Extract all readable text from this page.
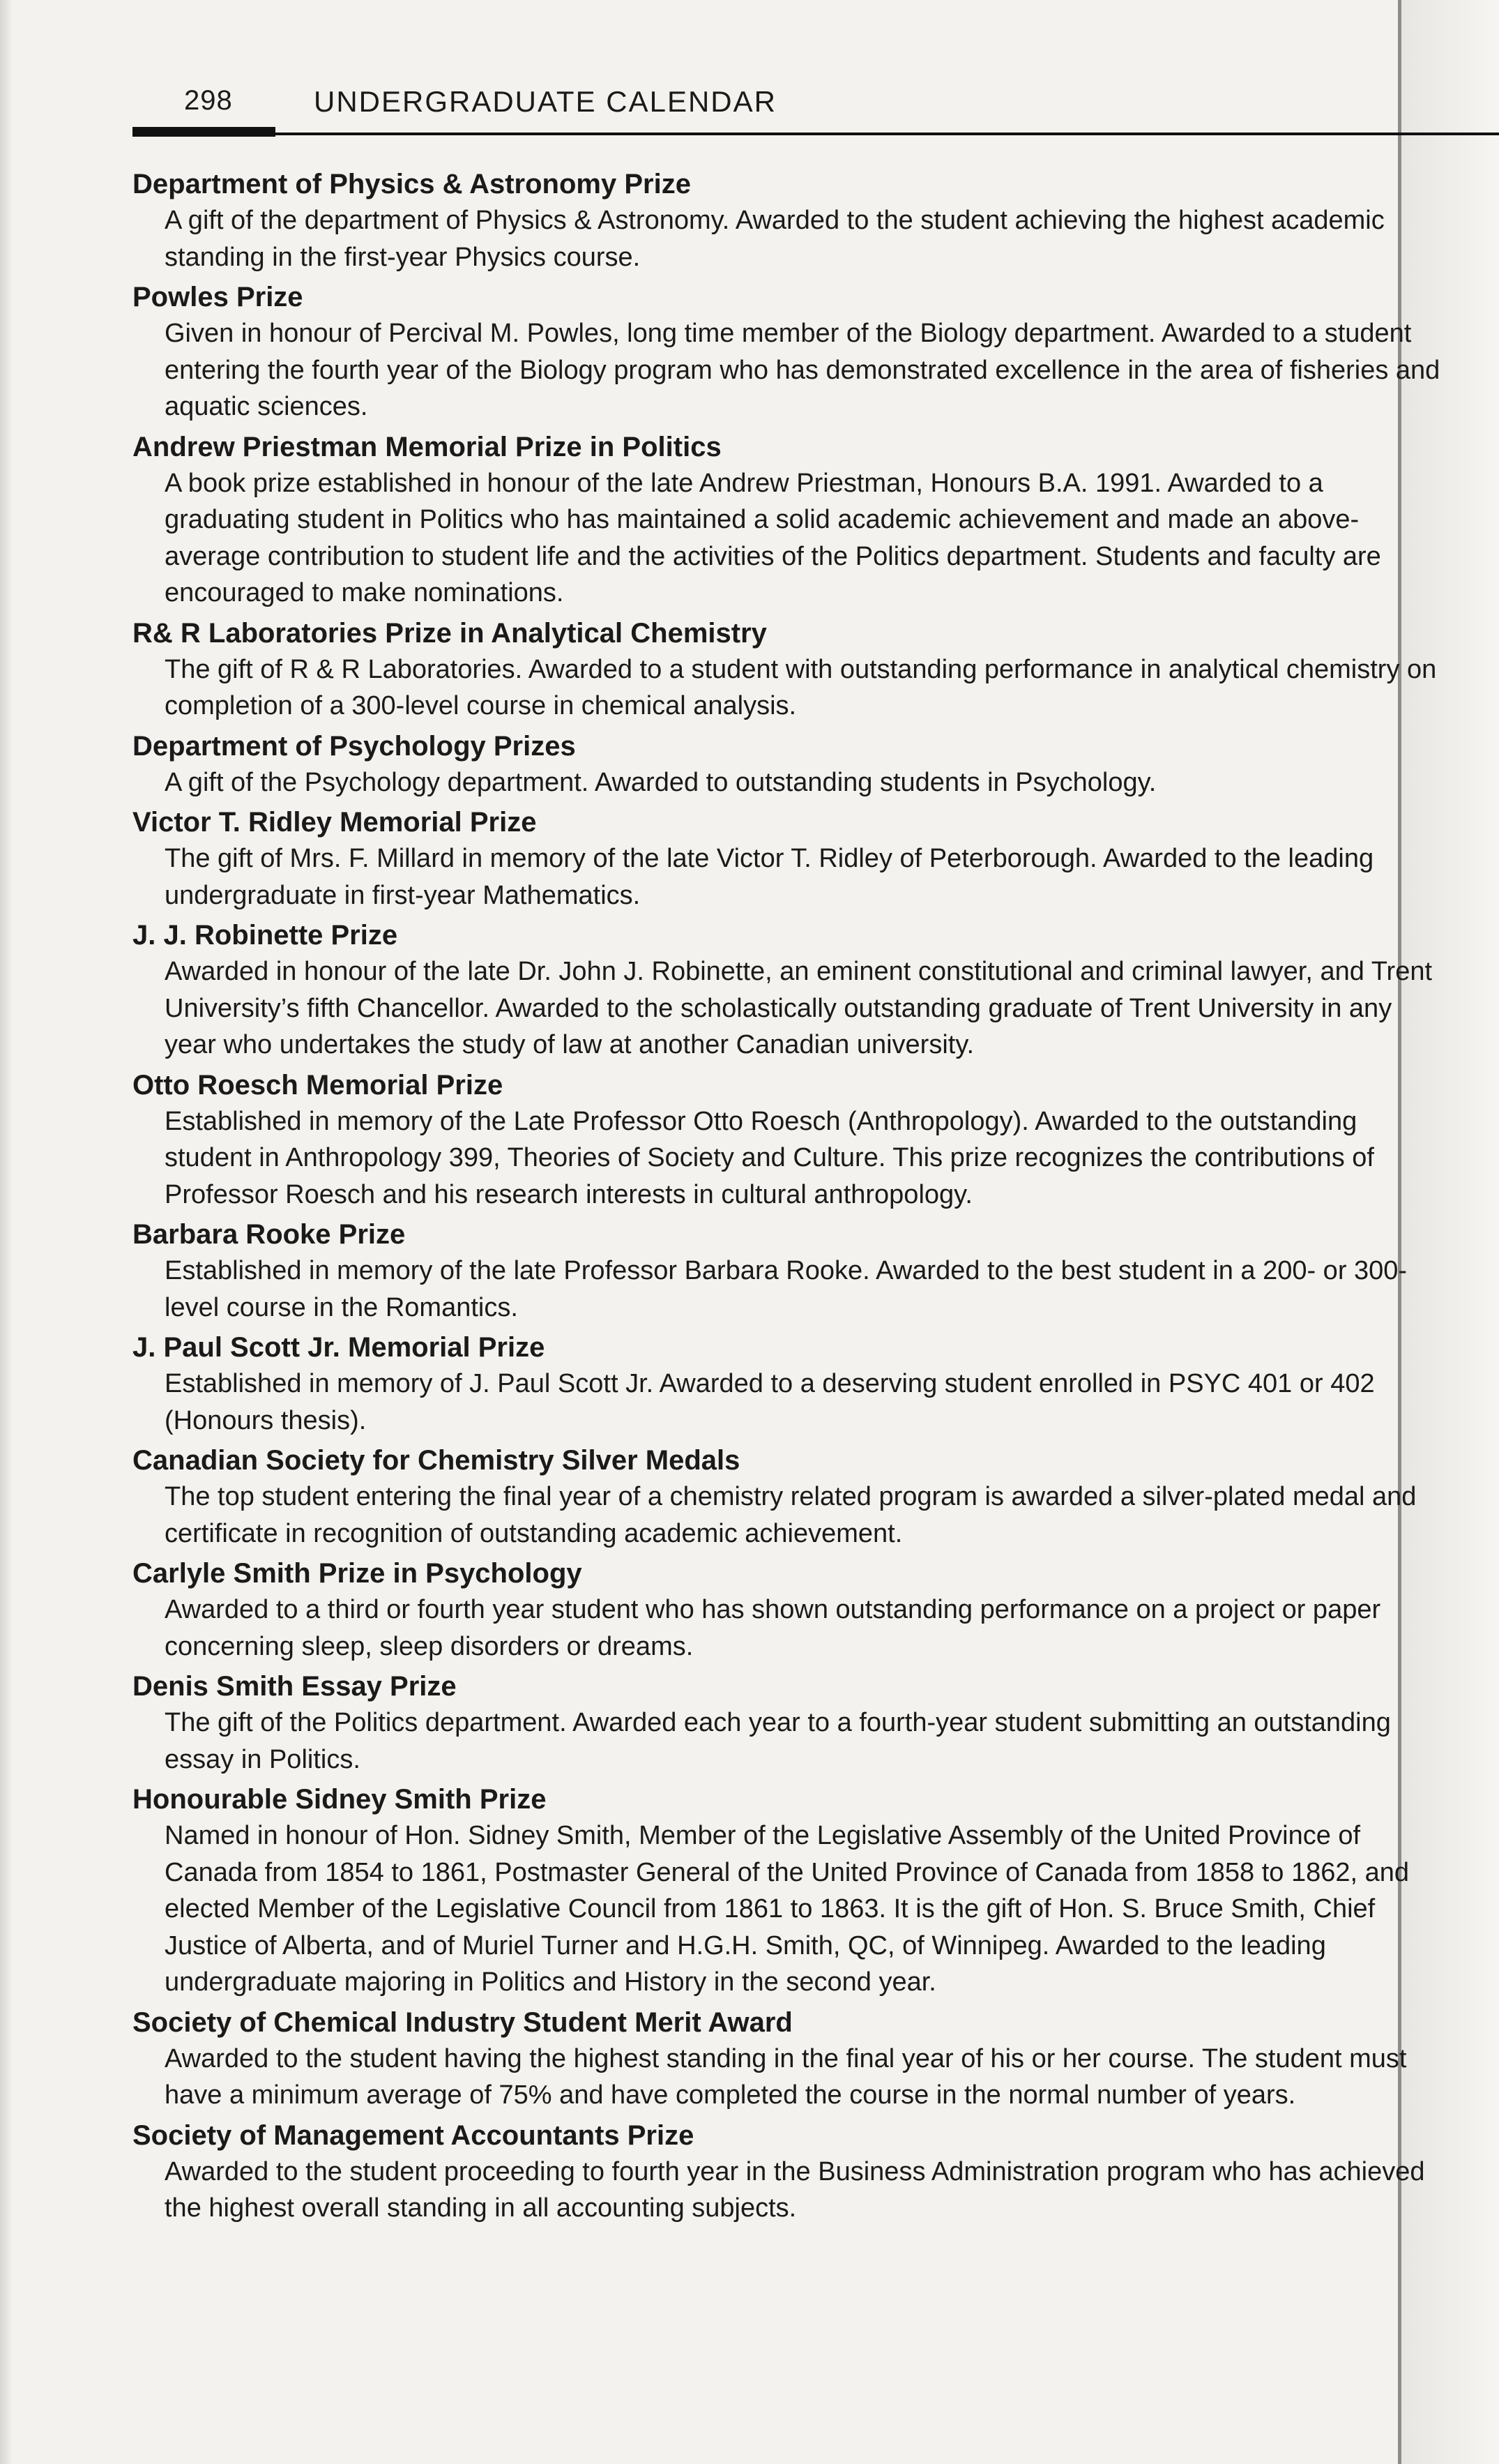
298	UNDERGRADUATE CALENDAR
Department of Physics & Astronomy Prize
A gift of the department of Physics & Astronomy. Awarded to the student achieving the highest academic standing in the first-year Physics course.
Powles Prize
Given in honour of Percival M. Powles, long time member of the Biology department. Awarded to a student entering the fourth year of the Biology program who has demonstrated excellence in the area of fisheries and aquatic sciences.
Andrew Priestman Memorial Prize in Politics
A book prize established in honour of the late Andrew Priestman, Honours B.A. 1991. Awarded to a graduating student in Politics who has maintained a solid academic achievement and made an above-average contribution to student life and the activities of the Politics department. Students and faculty are encouraged to make nominations.
R& R Laboratories Prize in Analytical Chemistry
The gift of R & R Laboratories. Awarded to a student with outstanding performance in analytical chemistry on completion of a 300-level course in chemical analysis.
Department of Psychology Prizes
A gift of the Psychology department. Awarded to outstanding students in Psychology.
Victor T. Ridley Memorial Prize
The gift of Mrs. F. Millard in memory of the late Victor T. Ridley of Peterborough. Awarded to the leading undergraduate in first-year Mathematics.
J. J. Robinette Prize
Awarded in honour of the late Dr. John J. Robinette, an eminent constitutional and criminal lawyer, and Trent University’s fifth Chancellor. Awarded to the scholastically outstanding graduate of Trent University in any year who undertakes the study of law at another Canadian university.
Otto Roesch Memorial Prize
Established in memory of the Late Professor Otto Roesch (Anthropology). Awarded to the outstanding student in Anthropology 399, Theories of Society and Culture. This prize recognizes the contributions of Professor Roesch and his research interests in cultural anthropology.
Barbara Rooke Prize
Established in memory of the late Professor Barbara Rooke. Awarded to the best student in a 200- or 300-level course in the Romantics.
J. Paul Scott Jr. Memorial Prize
Established in memory of J. Paul Scott Jr. Awarded to a deserving student enrolled in PSYC 401 or 402 (Honours thesis).
Canadian Society for Chemistry Silver Medals
The top student entering the final year of a chemistry related program is awarded a silver-plated medal and certificate in recognition of outstanding academic achievement.
Carlyle Smith Prize in Psychology
Awarded to a third or fourth year student who has shown outstanding performance on a project or paper concerning sleep, sleep disorders or dreams.
Denis Smith Essay Prize
The gift of the Politics department. Awarded each year to a fourth-year student submitting an outstanding essay in Politics.
Honourable Sidney Smith Prize
Named in honour of Hon. Sidney Smith, Member of the Legislative Assembly of the United Province of Canada from 1854 to 1861, Postmaster General of the United Province of Canada from 1858 to 1862, and elected Member of the Legislative Council from 1861 to 1863. It is the gift of Hon. S. Bruce Smith, Chief Justice of Alberta, and of Muriel Turner and H.G.H. Smith, QC, of Winnipeg. Awarded to the leading undergraduate majoring in Politics and History in the second year.
Society of Chemical Industry Student Merit Award
Awarded to the student having the highest standing in the final year of his or her course. The student must have a minimum average of 75% and have completed the course in the normal number of years.
Society of Management Accountants Prize
Awarded to the student proceeding to fourth year in the Business Administration program who has achieved the highest overall standing in all accounting subjects.
